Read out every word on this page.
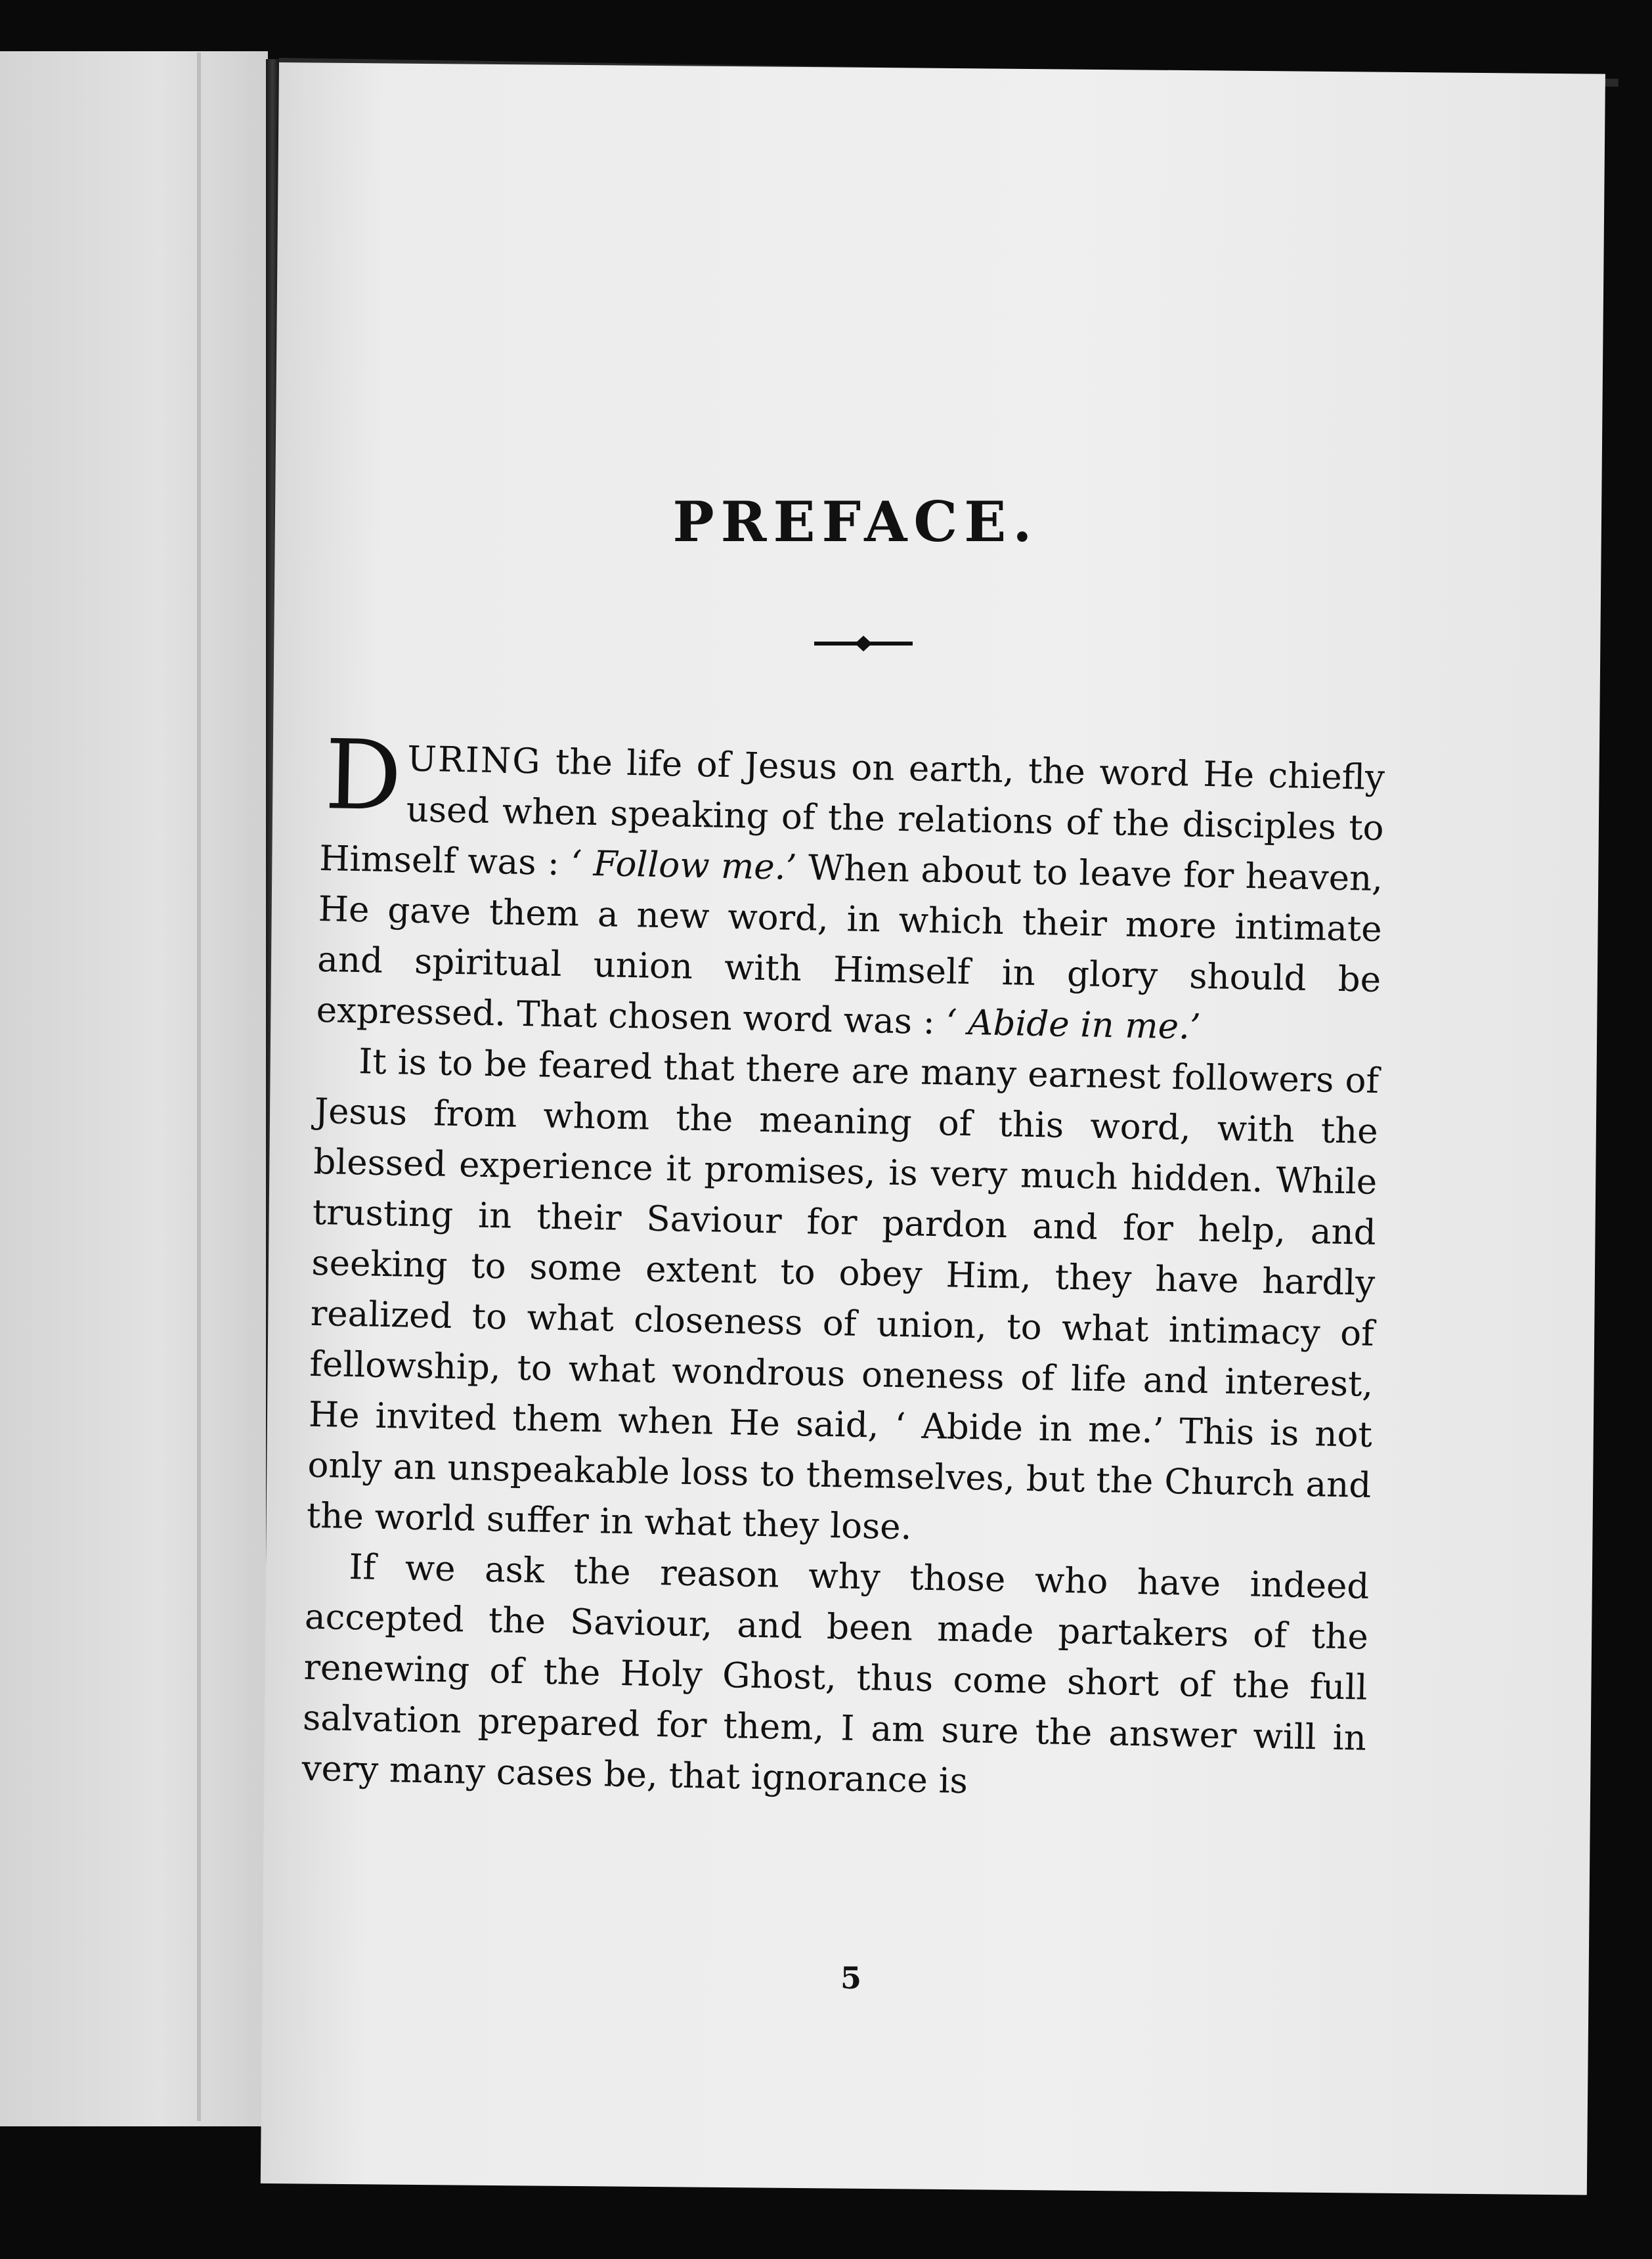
PREFACE.

DURING the life of Jesus on earth, the word He chiefly used when speaking of the relations of the disciples to Himself was : ‘ Follow me.’ When about to leave for heaven, He gave them a new word, in which their more intimate and spiritual union with Himself in glory should be expressed. That chosen word was : ‘ Abide in me.’

It is to be feared that there are many earnest followers of Jesus from whom the meaning of this word, with the blessed experience it promises, is very much hidden. While trusting in their Saviour for pardon and for help, and seeking to some extent to obey Him, they have hardly realized to what closeness of union, to what intimacy of fellowship, to what wondrous oneness of life and interest, He invited them when He said, ‘ Abide in me.’ This is not only an unspeakable loss to themselves, but the Church and the world suffer in what they lose.

If we ask the reason why those who have indeed accepted the Saviour, and been made partakers of the renewing of the Holy Ghost, thus come short of the full salvation prepared for them, I am sure the answer will in very many cases be, that ignorance is

5
